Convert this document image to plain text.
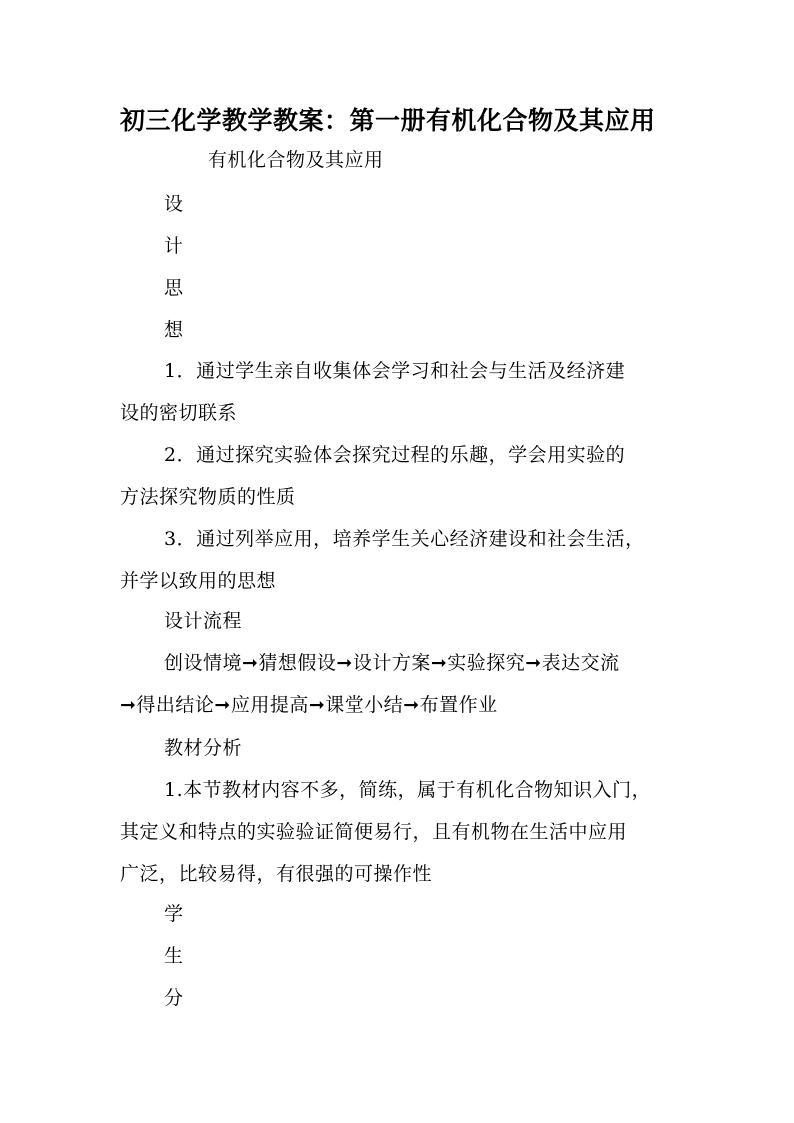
初三化学教学教案：第一册有机化合物及其应用
有机化合物及其应用
设
计
思
想
1．通过学生亲自收集体会学习和社会与生活及经济建
设的密切联系
2．通过探究实验体会探究过程的乐趣，学会用实验的
方法探究物质的性质
3．通过列举应用，培养学生关心经济建设和社会生活，
并学以致用的思想
设计流程
创设情境➞猜想假设➞设计方案➞实验探究➞表达交流
➞得出结论➞应用提高➞课堂小结➞布置作业
教材分析
1.本节教材内容不多，简练，属于有机化合物知识入门，
其定义和特点的实验验证简便易行，且有机物在生活中应用
广泛，比较易得，有很强的可操作性
学
生
分
